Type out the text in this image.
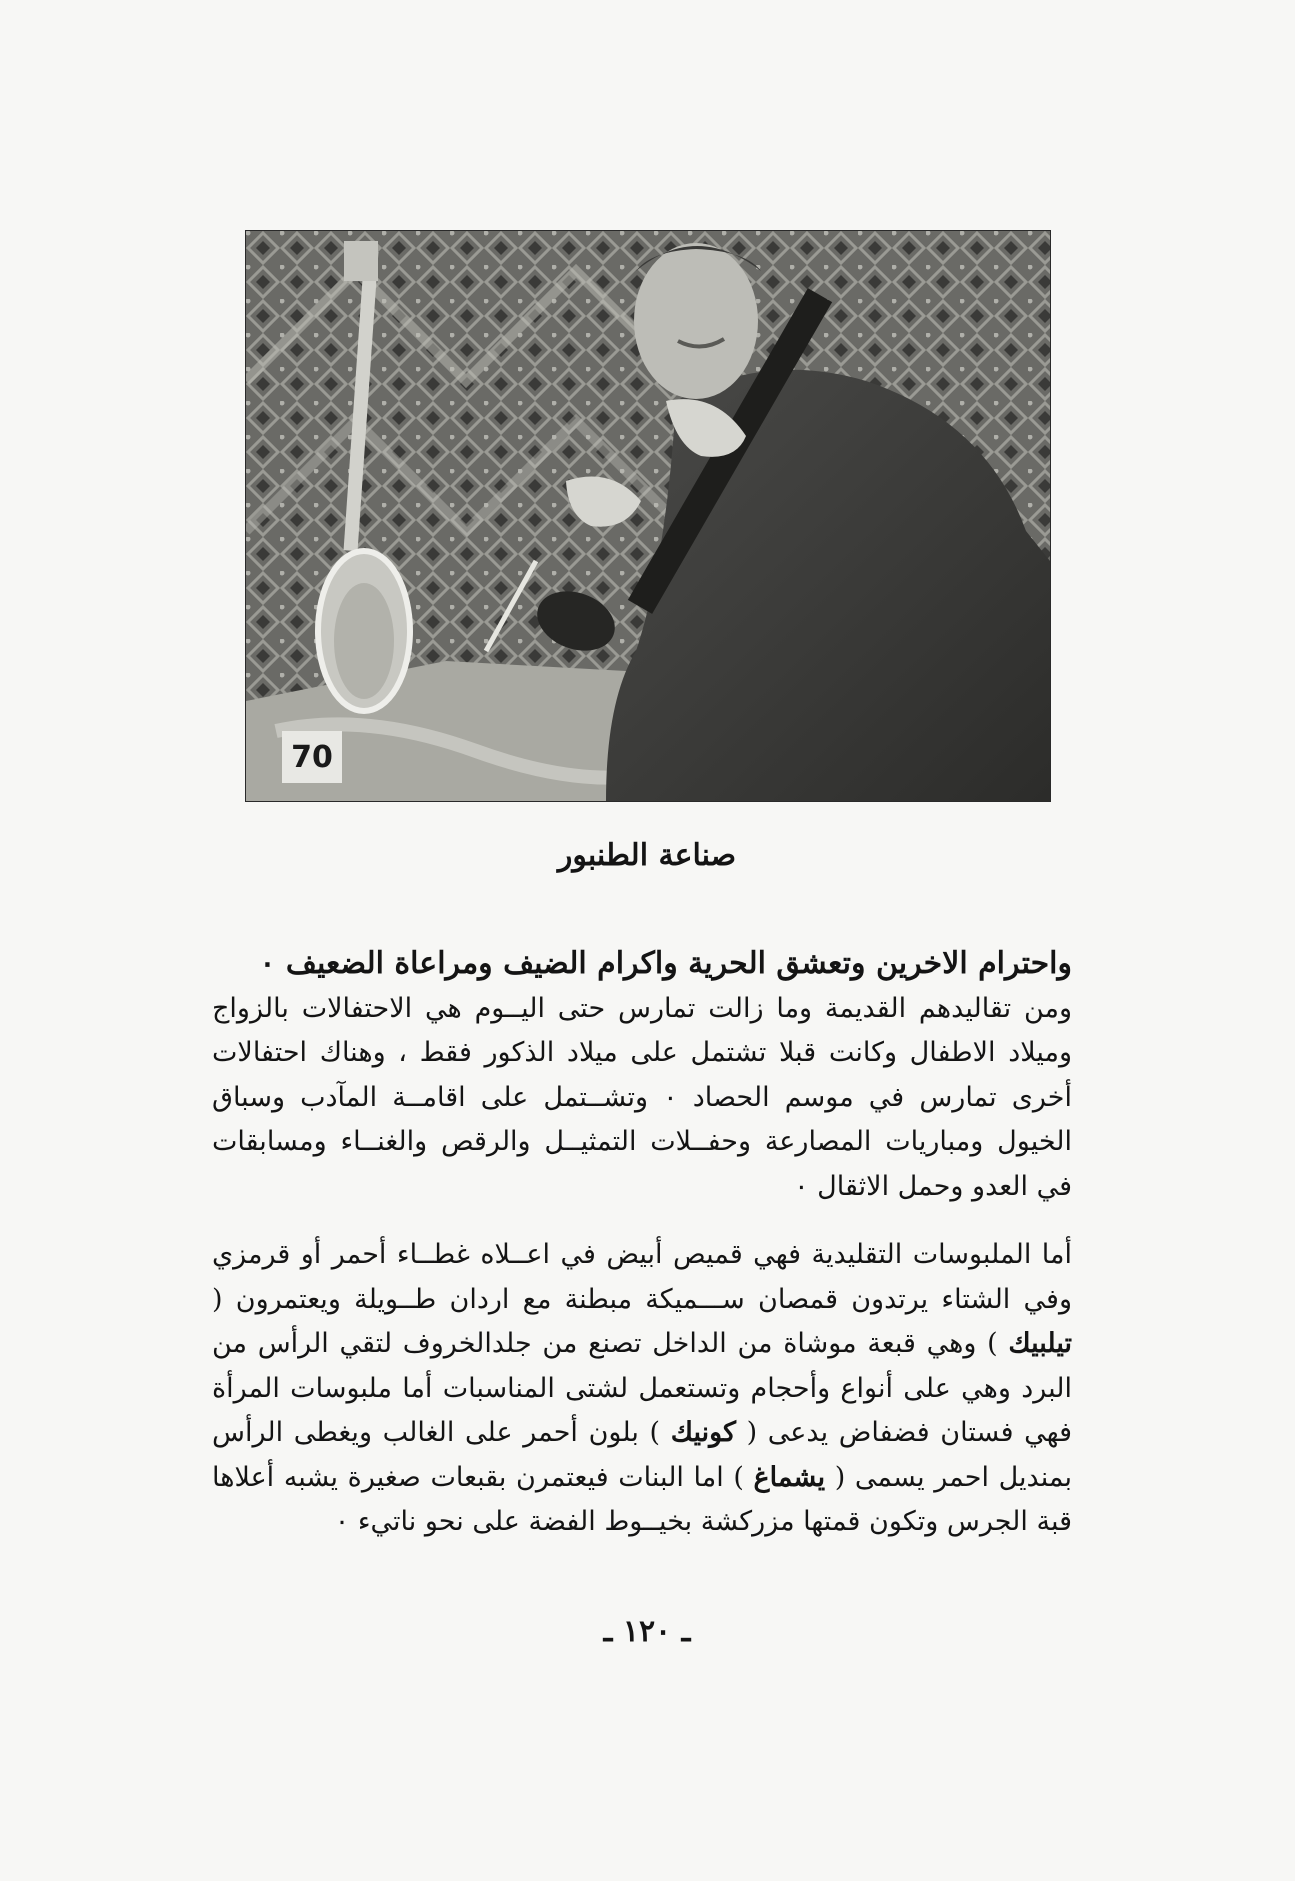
70
صناعة الطنبور
واحترام الاخرين وتعشق الحرية واكرام الضيف ومراعاة الضعيف ٠
ومن تقاليدهم القديمة وما زالت تمارس حتى اليــوم هي الاحتفالات بالزواج وميلاد الاطفال وكانت قبلا تشتمل على ميلاد الذكور فقط ، وهناك احتفالات أخرى تمارس في موسم الحصاد ٠ وتشــتمل على اقامــة المآدب وسباق الخيول ومباريات المصارعة وحفــلات التمثيــل والرقص والغنــاء ومسابقات في العدو وحمل الاثقال ٠
أما الملبوسات التقليدية فهي قميص أبيض في اعــلاه غطــاء أحمر أو قرمزي وفي الشتاء يرتدون قمصان ســـميكة مبطنة مع اردان طــويلة ويعتمرون ( تيلبيك ) وهي قبعة موشاة من الداخل تصنع من جلدالخروف لتقي الرأس من البرد وهي على أنواع وأحجام وتستعمل لشتى المناسبات أما ملبوسات المرأة فهي فستان فضفاض يدعى ( كونيك ) بلون أحمر على الغالب ويغطى الرأس بمنديل احمر يسمى ( يشماغ ) اما البنات فيعتمرن بقبعات صغيرة يشبه أعلاها قبة الجرس وتكون قمتها مزركشة بخيــوط الفضة على نحو ناتيء ٠
ـ ١٢٠ ـ
